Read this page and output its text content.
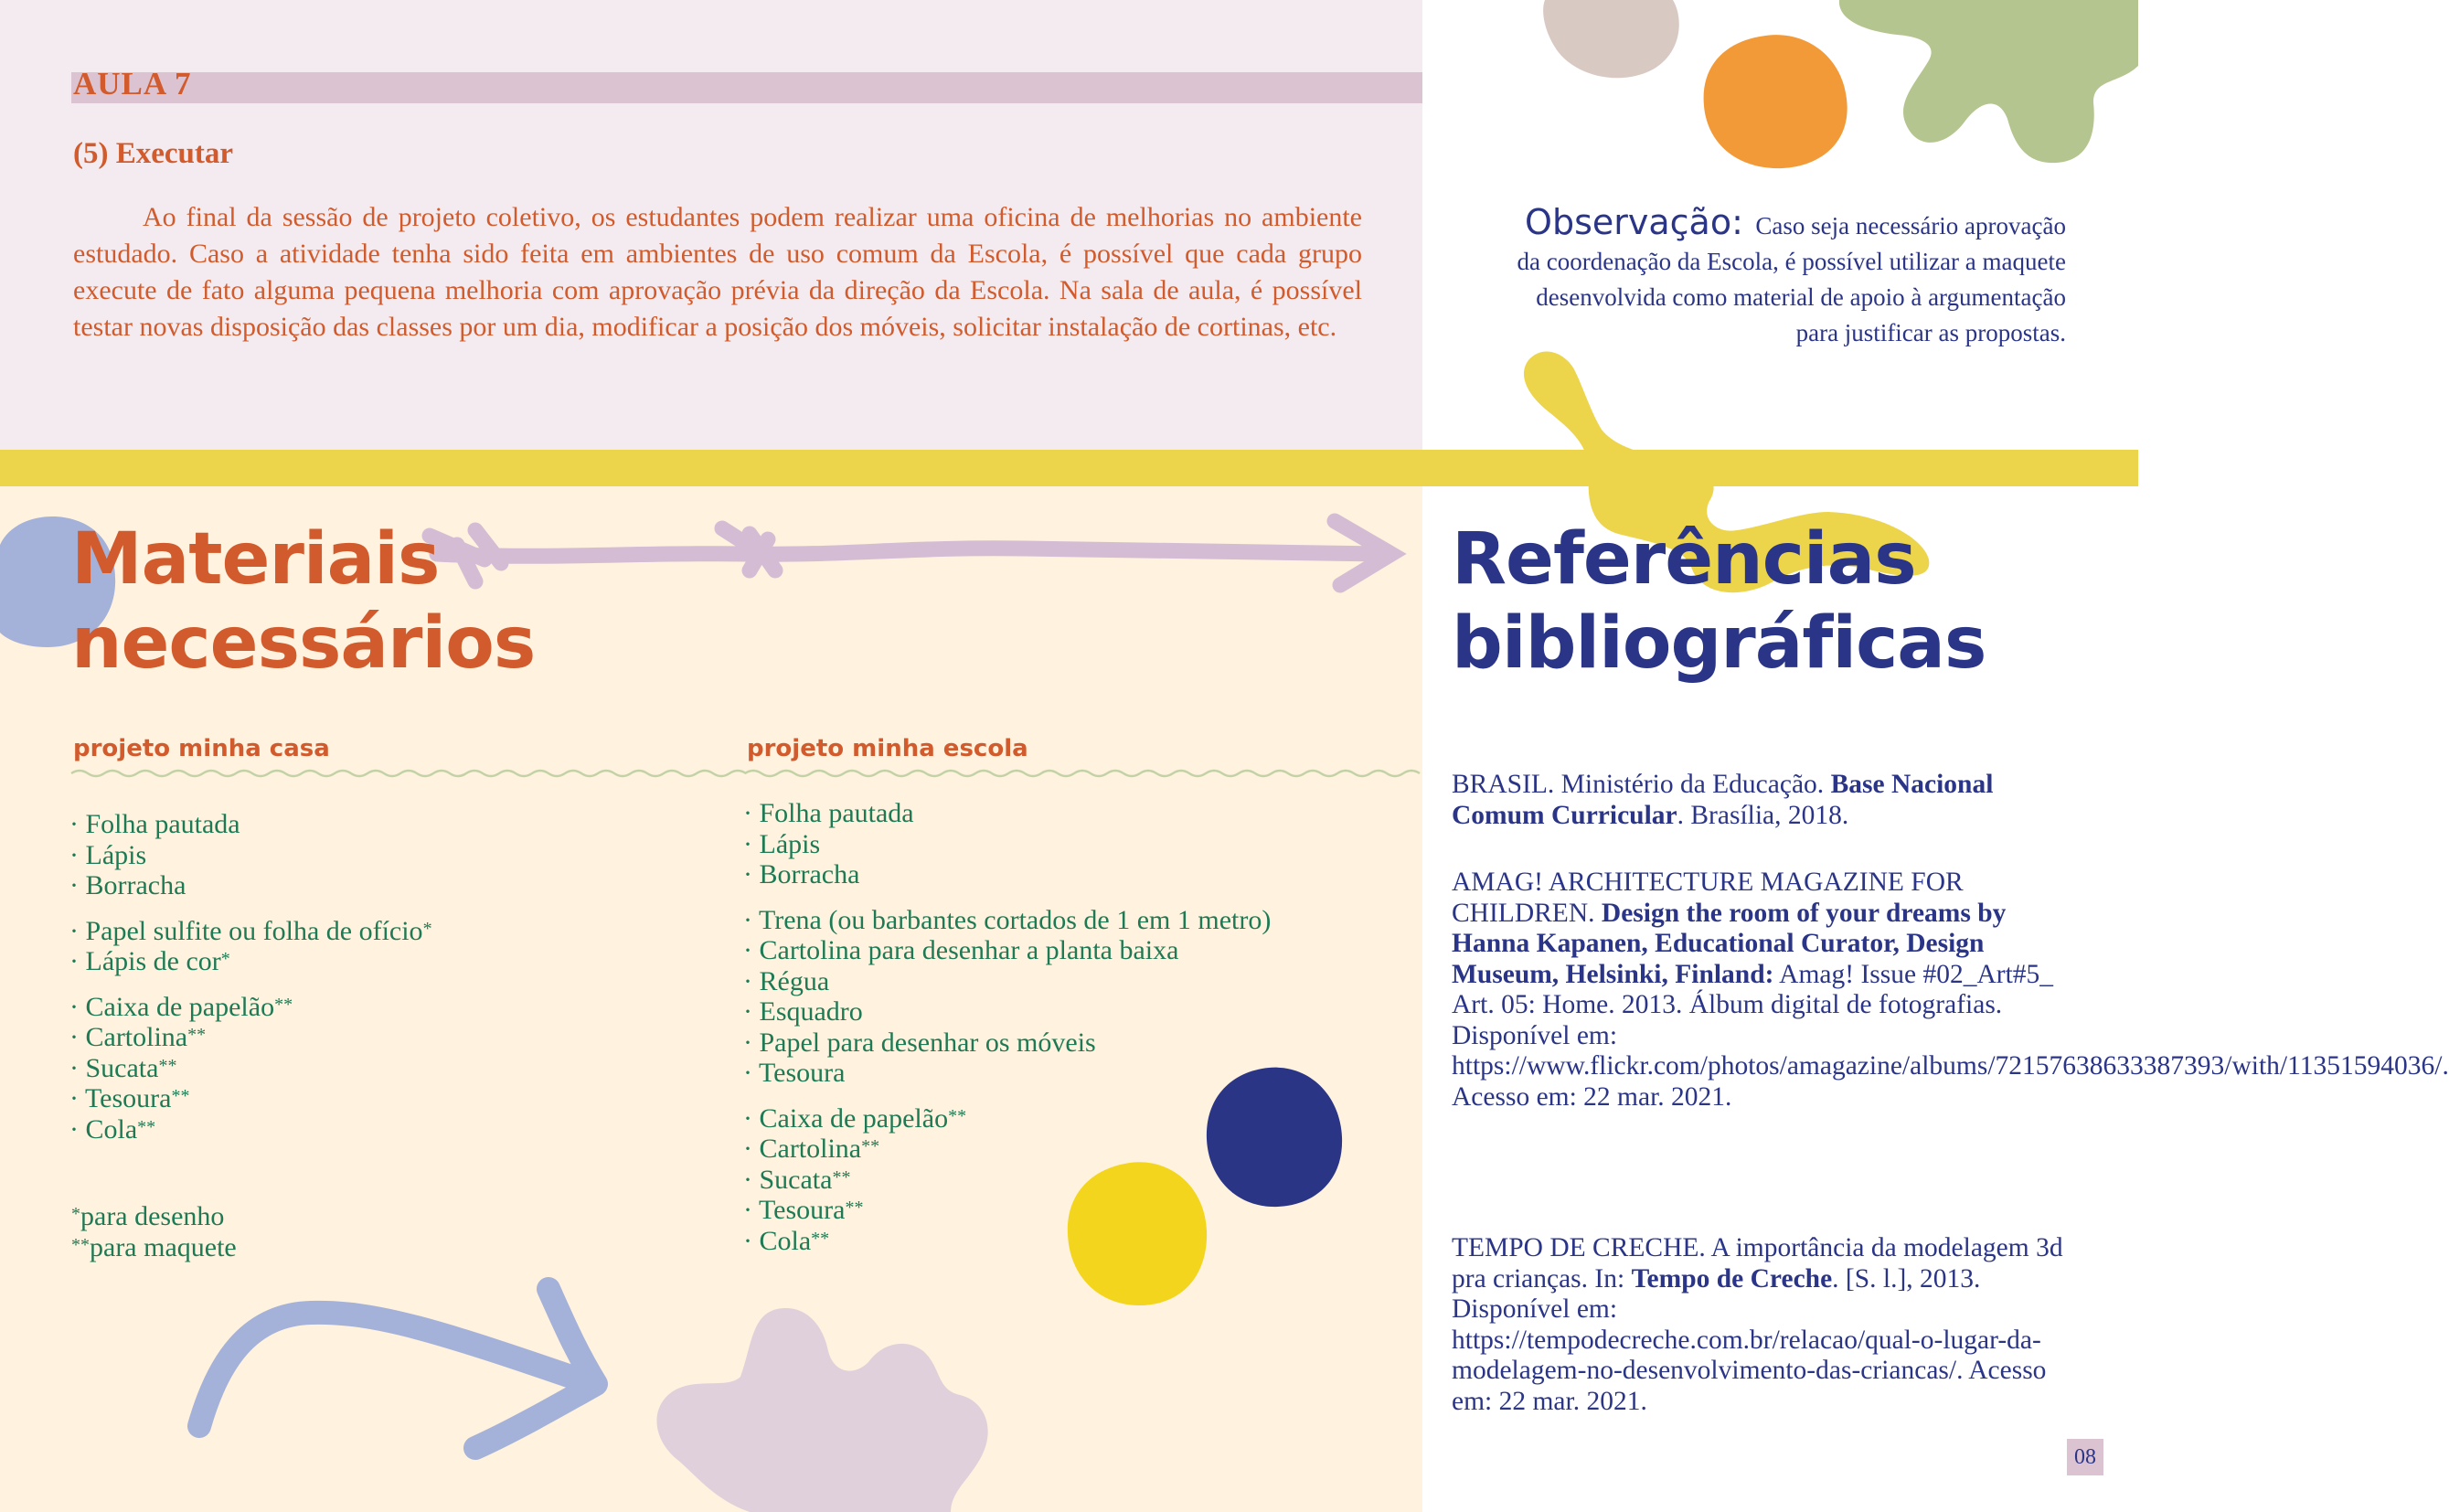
AULA 7
(5) Executar

Ao final da sessão de projeto coletivo, os estudantes podem realizar uma oficina de melhorias no ambiente estudado. Caso a atividade tenha sido feita em ambientes de uso comum da Escola, é possível que cada grupo execute de fato alguma pequena melhoria com aprovação prévia da direção da Escola. Na sala de aula, é possível testar novas disposição das classes por um dia, modificar a posição dos móveis, solicitar instalação de cortinas, etc.

Observação: Caso seja necessário aprovação da coordenação da Escola, é possível utilizar a maquete desenvolvida como material de apoio à argumentação para justificar as propostas.

Materiais
necessários
Referências
bibliográficas
projeto minha casa	projeto minha escola
· Folha pautada
· Lápis
· Borracha
· Papel sulfite ou folha de ofício*
· Lápis de cor*
· Caixa de papelão**
· Cartolina**
· Sucata**
· Tesoura**
· Cola**
· Folha pautada
· Lápis
· Borracha
· Trena (ou barbantes cortados de 1 em 1 metro)
· Cartolina para desenhar a planta baixa
· Régua
· Esquadro
· Papel para desenhar os móveis
· Tesoura
· Caixa de papelão**
· Cartolina**
· Sucata**
· Tesoura**
· Cola**

*para desenho
**para maquete

BRASIL. Ministério da Educação. Base Nacional Comum Curricular. Brasília, 2018.

AMAG! ARCHITECTURE MAGAZINE FOR CHILDREN. Design the room of your dreams by Hanna Kapanen, Educational Curator, Design Museum, Helsinki, Finland: Amag! Issue #02_Art#5_ Art. 05: Home. 2013. Álbum digital de fotografias. Disponível em: https://www.flickr.com/photos/amagazine/albums/72157638633387393/with/11351594036/. Acesso em: 22 mar. 2021.

TEMPO DE CRECHE. A importância da modelagem 3d pra crianças. In: Tempo de Creche. [S. l.], 2013. Disponível em: https://tempodecreche.com.br/relacao/qual-o-lugar-da-modelagem-no-desenvolvimento-das-criancas/. Acesso em: 22 mar. 2021.

08
